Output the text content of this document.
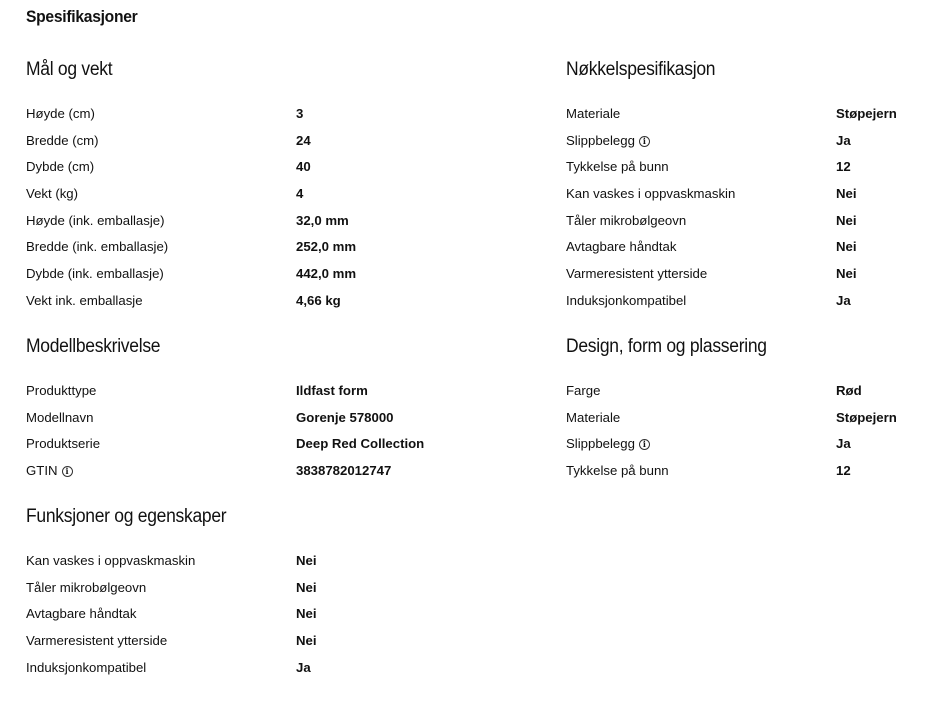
Spesifikasjoner
Mål og vekt
Høyde (cm)	3
Bredde (cm)	24
Dybde (cm)	40
Vekt (kg)	4
Høyde (ink. emballasje)	32,0 mm
Bredde (ink. emballasje)	252,0 mm
Dybde (ink. emballasje)	442,0 mm
Vekt ink. emballasje	4,66 kg
Nøkkelspesifikasjon
Materiale	Støpejern
Slippbelegg i	Ja
Tykkelse på bunn	12
Kan vaskes i oppvaskmaskin	Nei
Tåler mikrobølgeovn	Nei
Avtagbare håndtak	Nei
Varmeresistent ytterside	Nei
Induksjonkompatibel	Ja
Modellbeskrivelse
Produkttype	Ildfast form
Modellnavn	Gorenje 578000
Produktserie	Deep Red Collection
GTIN i	3838782012747
Design, form og plassering
Farge	Rød
Materiale	Støpejern
Slippbelegg i	Ja
Tykkelse på bunn	12
Funksjoner og egenskaper
Kan vaskes i oppvaskmaskin	Nei
Tåler mikrobølgeovn	Nei
Avtagbare håndtak	Nei
Varmeresistent ytterside	Nei
Induksjonkompatibel	Ja
